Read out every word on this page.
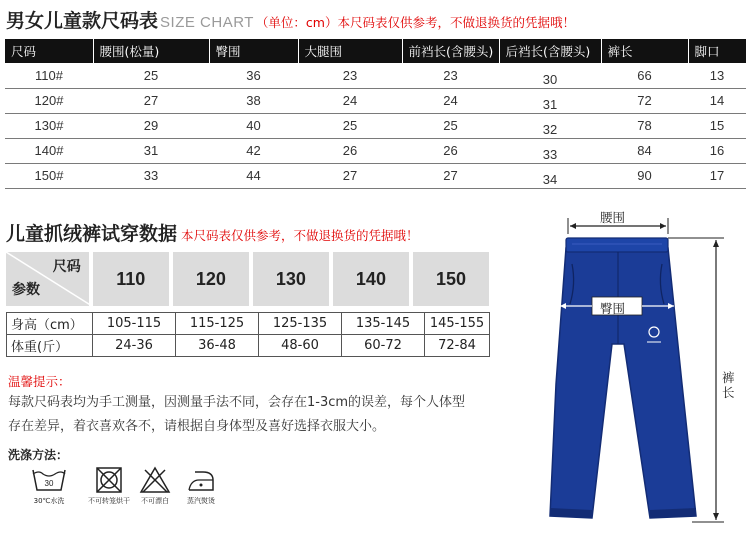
男女儿童款尺码表 SIZE CHART （单位：cm）本尺码表仅供参考，不做退换货的凭据哦！
尺码	腰围(松量)	臀围	大腿围	前裆长(含腰头)	后裆长(含腰头)	裤长	脚口
110#	25	36	23	23	30	66	13
120#	27	38	24	24	31	72	14
130#	29	40	25	25	32	78	15
140#	31	42	26	26	33	84	16
150#	33	44	27	27	34	90	17
儿童抓绒裤试穿数据 本尺码表仅供参考，不做退换货的凭据哦！
尺码
参数
110	120	130	140	150
身高（cm）	105-115	115-125	125-135	135-145	145-155
体重(斤）	24-36	36-48	48-60	60-72	72-84
温馨提示：
每款尺码表均为手工测量，因测量手法不同，会存在1-3cm的误差，每个人体型
存在差异，着衣喜欢各不，请根据自身体型及喜好选择衣服大小。
洗涤方法：
30
30℃水洗	不可转笼烘干	不可漂白	蒸汽熨烫
腰围
臀围
裤长
